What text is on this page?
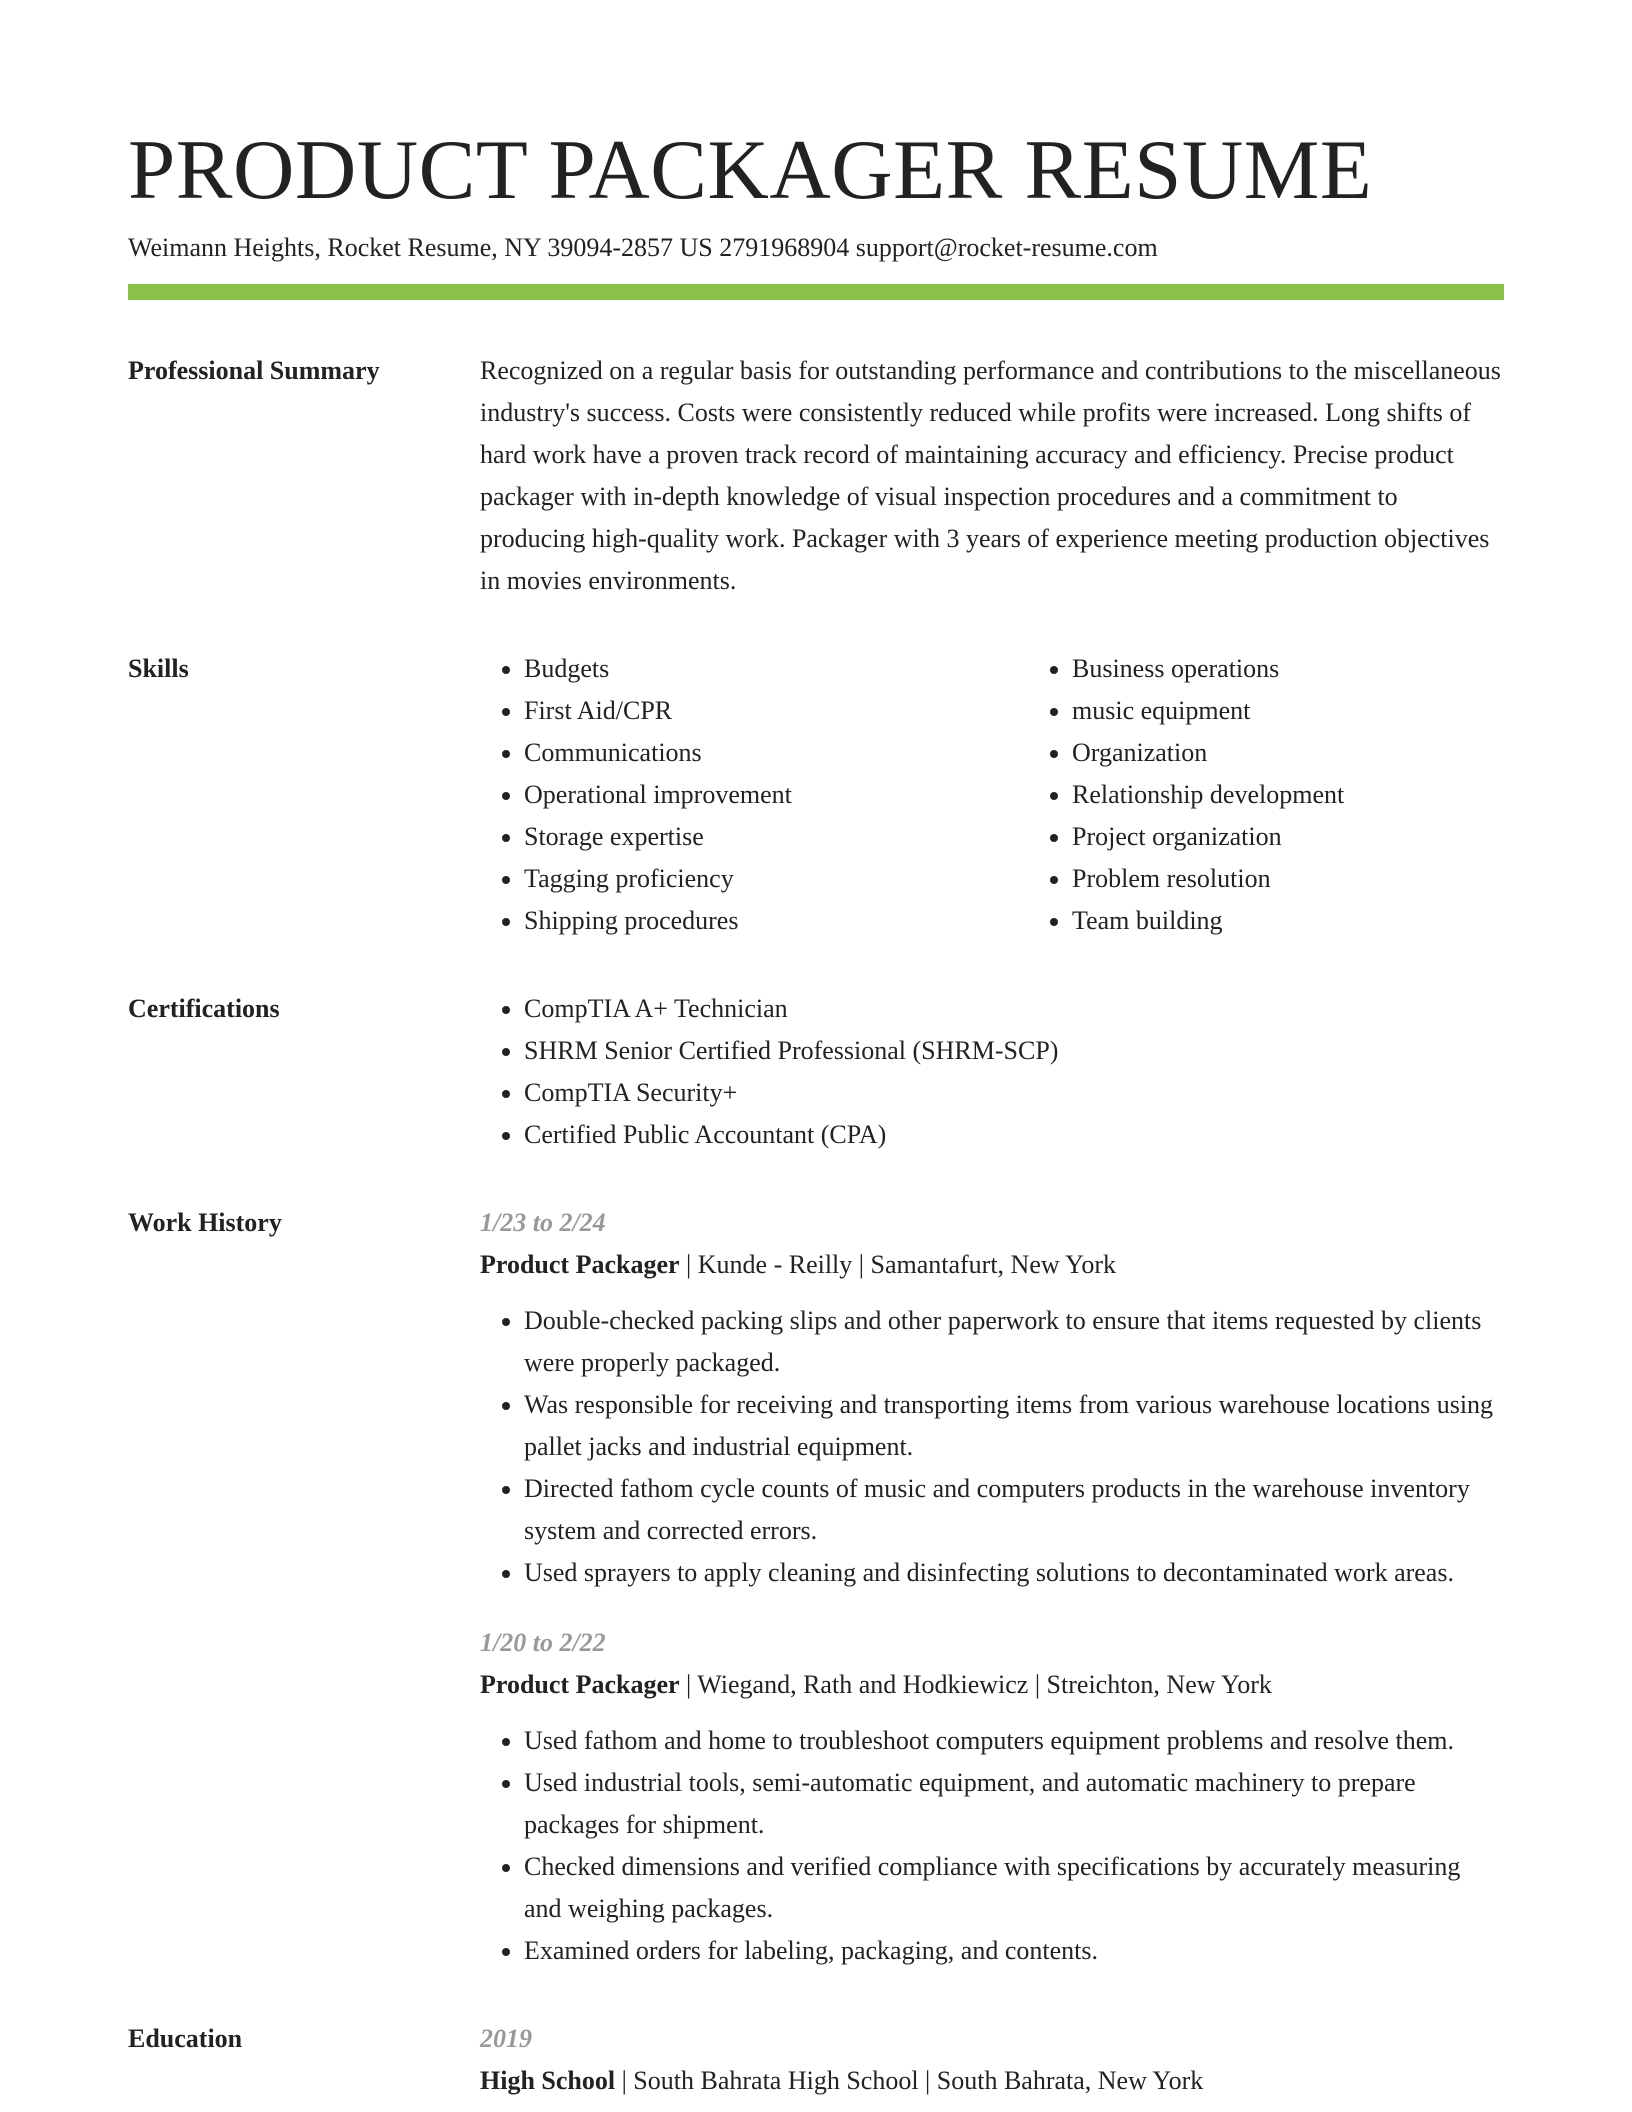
PRODUCT PACKAGER RESUME
Weimann Heights, Rocket Resume, NY 39094-2857 US 2791968904 support@rocket-resume.com
Professional Summary	Recognized on a regular basis for outstanding performance and contributions to the miscellaneous industry's success. Costs were consistently reduced while profits were increased. Long shifts of hard work have a proven track record of maintaining accuracy and efficiency. Precise product packager with in-depth knowledge of visual inspection procedures and a commitment to producing high-quality work. Packager with 3 years of experience meeting production objectives in movies environments.

Skills	• Budgets
• First Aid/CPR
• Communications
• Operational improvement
• Storage expertise
• Tagging proficiency
• Shipping procedures
• Business operations
• music equipment
• Organization
• Relationship development
• Project organization
• Problem resolution
• Team building
Certifications	• CompTIA A+ Technician
• SHRM Senior Certified Professional (SHRM-SCP)
• CompTIA Security+
• Certified Public Accountant (CPA)
Work History	1/23 to 2/24

Product Packager | Kunde - Reilly | Samantafurt, New York

• Double-checked packing slips and other paperwork to ensure that items requested by clients were properly packaged.
• Was responsible for receiving and transporting items from various warehouse locations using pallet jacks and industrial equipment.
• Directed fathom cycle counts of music and computers products in the warehouse inventory system and corrected errors.
• Used sprayers to apply cleaning and disinfecting solutions to decontaminated work areas.
1/20 to 2/22

Product Packager | Wiegand, Rath and Hodkiewicz | Streichton, New York

• Used fathom and home to troubleshoot computers equipment problems and resolve them.
• Used industrial tools, semi-automatic equipment, and automatic machinery to prepare packages for shipment.
• Checked dimensions and verified compliance with specifications by accurately measuring and weighing packages.
• Examined orders for labeling, packaging, and contents.
Education	2019

High School | South Bahrata High School | South Bahrata, New York
